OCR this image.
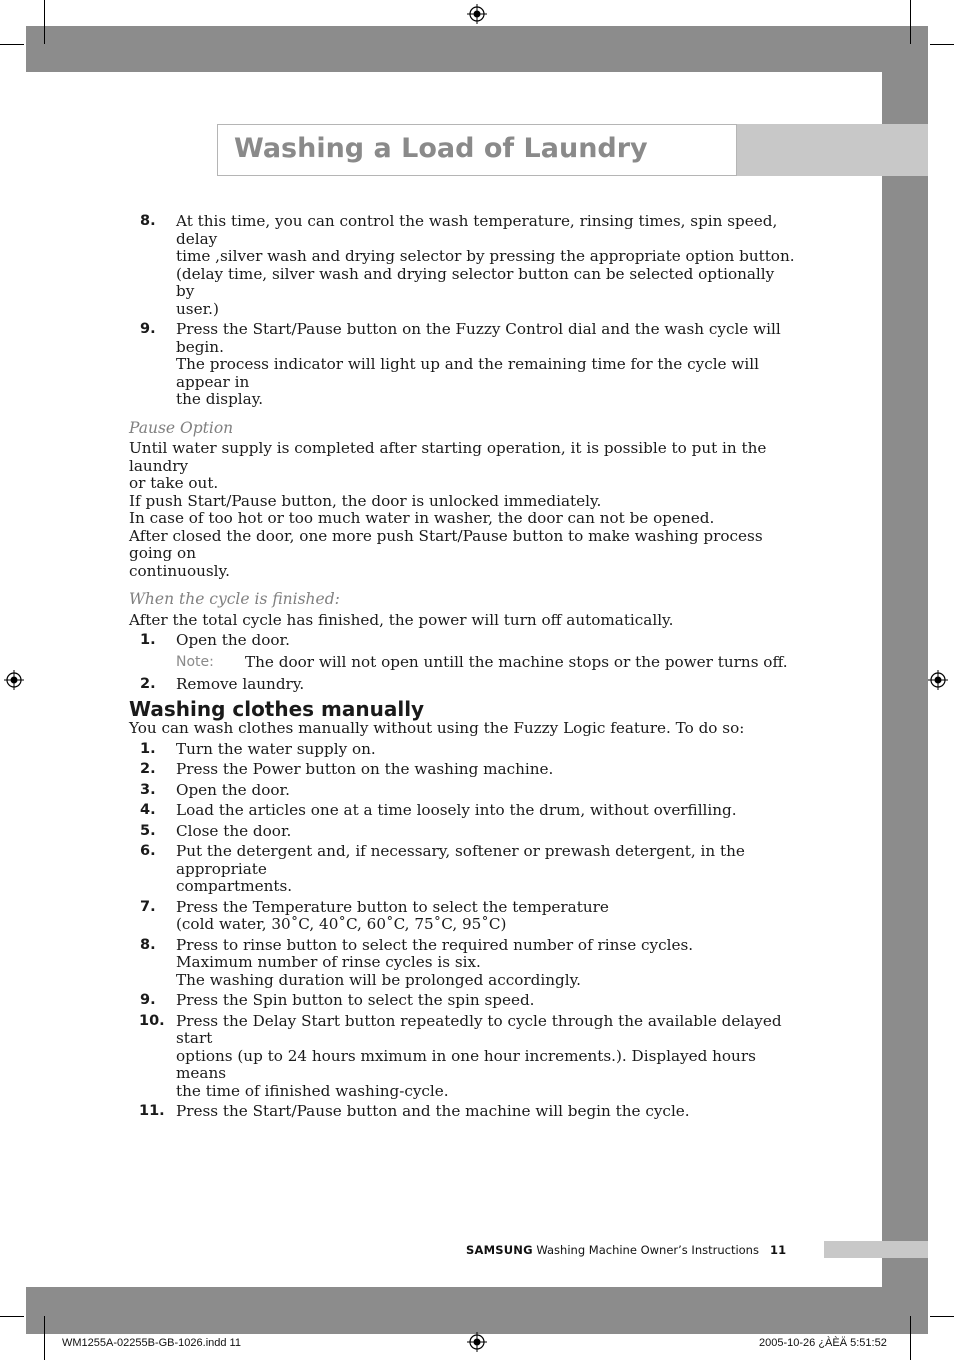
Washing a Load of Laundry
8.	At this time, you can control the wash temperature, rinsing times, spin speed, delay
time ,silver wash and drying selector by pressing the appropriate option button.
(delay time, silver wash and drying selector button can be selected optionally by
user.)
9.	Press the Start/Pause button on the Fuzzy Control dial and the wash cycle will begin.
The process indicator will light up and the remaining time for the cycle will appear in
the display.
Pause Option
Until water supply is completed after starting operation, it is possible to put in the laundry
or take out.
If push Start/Pause button, the door is unlocked immediately.
In case of too hot or too much water in washer, the door can not be opened.
After closed the door, one more push Start/Pause button to make washing process going on
continuously.
When the cycle is finished:
After the total cycle has finished, the power will turn off automatically.
1.	Open the door.
Note:	The door will not open untill the machine stops or the power turns off.
2.	Remove laundry.
Washing clothes manually
You can wash clothes manually without using the Fuzzy Logic feature. To do so:
1.	Turn the water supply on.
2.	Press the Power button on the washing machine.
3.	Open the door.
4.	Load the articles one at a time loosely into the drum, without overfilling.
5.	Close the door.
6.	Put the detergent and, if necessary, softener or prewash detergent, in the appropriate
compartments.
7.	Press the Temperature button to select the temperature
(cold water, 30˚C, 40˚C, 60˚C, 75˚C, 95˚C)
8.	Press to rinse button to select the required number of rinse cycles.
Maximum number of rinse cycles is six.
The washing duration will be prolonged accordingly.
9.	Press the Spin button to select the spin speed.
10. Press the Delay Start button repeatedly to cycle through the available delayed start
options (up to 24 hours mximum in one hour increments.). Displayed hours means
the time of ifinished washing-cycle.
11. Press the Start/Pause button and the machine will begin the cycle.
SAMSUNG Washing Machine Owner’s Instructions 11
WM1255A-02255B-GB-1026.indd 11	2005-10-26 ¿ÀÈÄ 5:51:52
